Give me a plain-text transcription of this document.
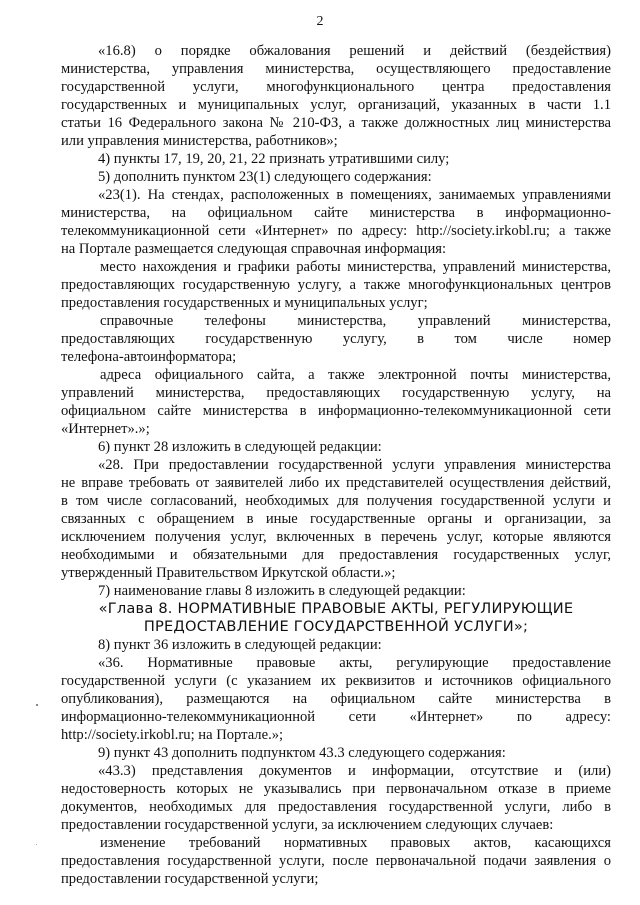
2
«16.8) о порядке обжалования решений и действий (бездействия)
министерства, управления министерства, осуществляющего предоставление
государственной услуги, многофункционального центра предоставления
государственных и муниципальных услуг, организаций, указанных в части 1.1
статьи 16 Федерального закона № 210-ФЗ, а также должностных лиц министерства
или управления министерства, работников»;
4) пункты 17, 19, 20, 21, 22 признать утратившими силу;
5) дополнить пунктом 23(1) следующего содержания:
«23(1). На стендах, расположенных в помещениях, занимаемых управлениями
министерства, на официальном сайте министерства в информационно-
телекоммуникационной сети «Интернет» по адресу: http://society.irkobl.ru; а также
на Портале размещается следующая справочная информация:
место нахождения и графики работы министерства, управлений министерства,
предоставляющих государственную услугу, а также многофункциональных центров
предоставления государственных и муниципальных услуг;
справочные телефоны министерства, управлений министерства,
предоставляющих государственную услугу, в том числе номер
телефона-автоинформатора;
адреса официального сайта, а также электронной почты министерства,
управлений министерства, предоставляющих государственную услугу, на
официальном сайте министерства в информационно-телекоммуникационной сети
«Интернет».»;
6) пункт 28 изложить в следующей редакции:
«28. При предоставлении государственной услуги управления министерства
не вправе требовать от заявителей либо их представителей осуществления действий,
в том числе согласований, необходимых для получения государственной услуги и
связанных с обращением в иные государственные органы и организации, за
исключением получения услуг, включенных в перечень услуг, которые являются
необходимыми и обязательными для предоставления государственных услуг,
утвержденный Правительством Иркутской области.»;
7) наименование главы 8 изложить в следующей редакции:
«Глава 8. НОРМАТИВНЫЕ ПРАВОВЫЕ АКТЫ, РЕГУЛИРУЮЩИЕ
ПРЕДОСТАВЛЕНИЕ ГОСУДАРСТВЕННОЙ УСЛУГИ»;
8) пункт 36 изложить в следующей редакции:
«36. Нормативные правовые акты, регулирующие предоставление
государственной услуги (с указанием их реквизитов и источников официального
опубликования), размещаются на официальном сайте министерства в
информационно-телекоммуникационной сети «Интернет» по адресу:
http://society.irkobl.ru; на Портале.»;
9) пункт 43 дополнить подпунктом 43.3 следующего содержания:
«43.3) представления документов и информации, отсутствие и (или)
недостоверность которых не указывались при первоначальном отказе в приеме
документов, необходимых для предоставления государственной услуги, либо в
предоставлении государственной услуги, за исключением следующих случаев:
изменение требований нормативных правовых актов, касающихся
предоставления государственной услуги, после первоначальной подачи заявления о
предоставлении государственной услуги;
